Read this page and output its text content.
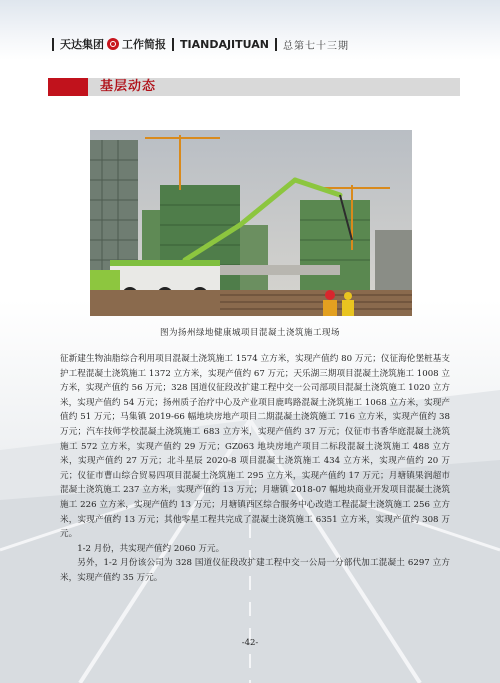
天达集团 工作简报 TIANDAJITUAN 总第七十三期
基层动态
图为扬州绿地健康城项目混凝土浇筑施工现场

征新建生物油脂综合利用项目混凝土浇筑施工 1574 立方米，实现产值约 80 万元；仪征海伦堡桩基支护工程混凝土浇筑施工 1372 立方米，实现产值约 67 万元；天乐湖三期项目混凝土浇筑施工 1008 立方米，实现产值约 56 万元；328 国道仪征段改扩建工程中交一公司部项目混凝土浇筑施工 1020 立方米，实现产值约 54 万元；扬州质子治疗中心及产业项目鹿鸣路混凝土浇筑施工 1068 立方米，实现产值约 51 万元；马集镇 2019-66 幅地块房地产项目二期混凝土浇筑施工 716 立方米，实现产值约 38 万元；汽车技师学校混凝土浇筑施工 683 立方米，实现产值约 37 万元；仪征市书香华庭混凝土浇筑施工 572 立方米，实现产值约 29 万元；GZ063 地块房地产项目二标段混凝土浇筑施工 488 立方米，实现产值约 27 万元；北斗星辰 2020-8 项目混凝土浇筑施工 434 立方米，实现产值约 20 万元；仪征市曹山综合贸易四项目混凝土浇筑施工 295 立方米，实现产值约 17 万元；月塘镇果润超市混凝土浇筑施工 237 立方米，实现产值约 13 万元；月塘镇 2018-07 幅地块商业开发项目混凝土浇筑施工 226 立方米，实现产值约 13 万元；月塘镇西区综合服务中心改造工程混凝土浇筑施工 256 立方米，实现产值约 13 万元；其他零星工程共完成了混凝土浇筑施工 6351 立方米，实现产值约 308 万元。

1-2 月份，共实现产值约 2060 万元。

另外，1-2 月份该公司为 328 国道仪征段改扩建工程中交一公局一分部代加工混凝土 6297 立方米，实现产值约 35 万元。

-42-
